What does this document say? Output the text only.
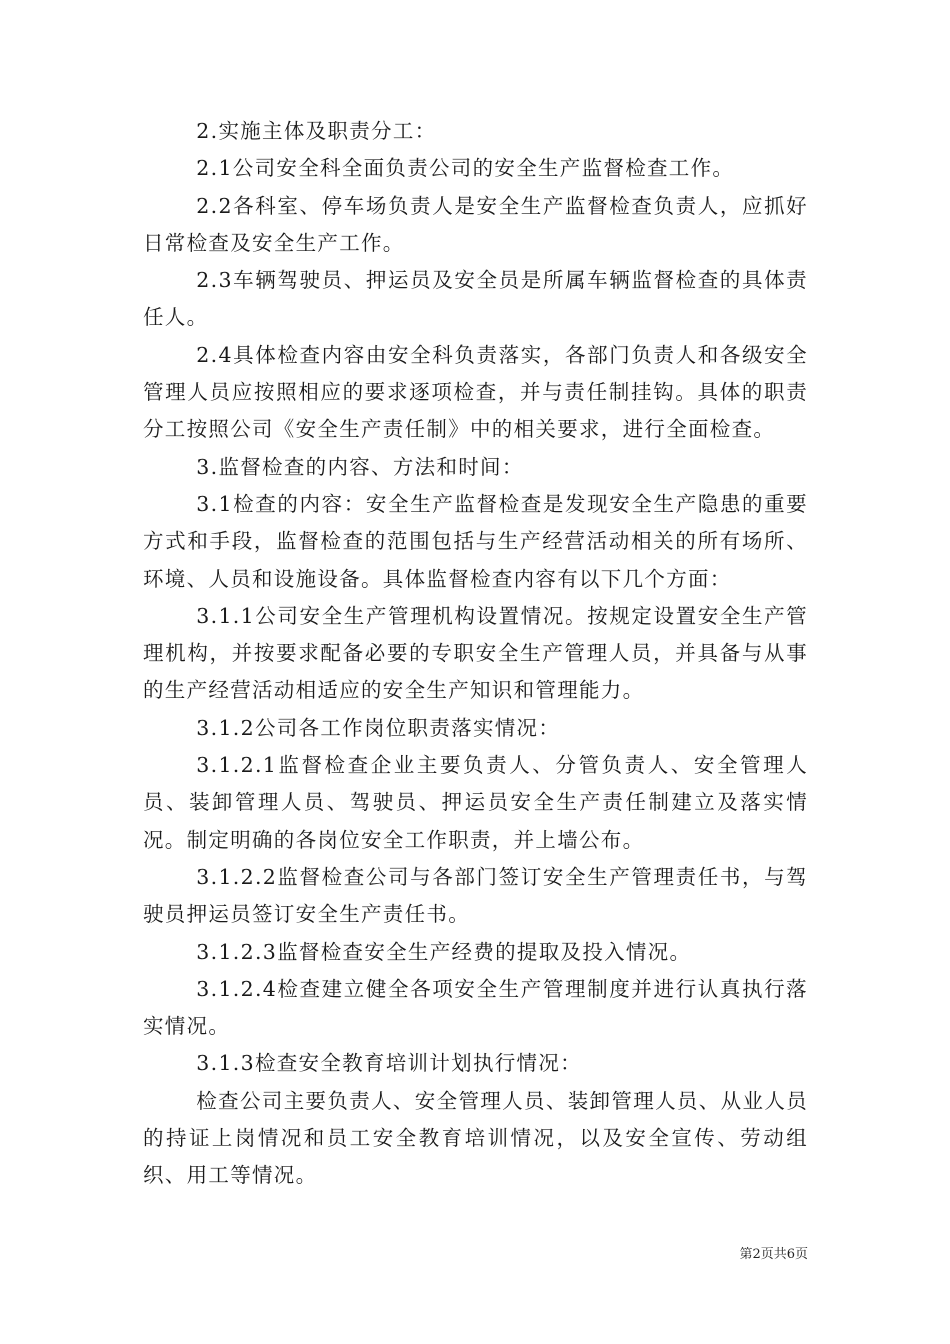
2.实施主体及职责分工：

2.1公司安全科全面负责公司的安全生产监督检查工作。

2.2各科室、停车场负责人是安全生产监督检查负责人，应抓好日常检查及安全生产工作。

2.3车辆驾驶员、押运员及安全员是所属车辆监督检查的具体责任人。

2.4具体检查内容由安全科负责落实，各部门负责人和各级安全管理人员应按照相应的要求逐项检查，并与责任制挂钩。具体的职责分工按照公司《安全生产责任制》中的相关要求，进行全面检查。

3.监督检查的内容、方法和时间：

3.1检查的内容：安全生产监督检查是发现安全生产隐患的重要方式和手段，监督检查的范围包括与生产经营活动相关的所有场所、环境、人员和设施设备。具体监督检查内容有以下几个方面：

3.1.1公司安全生产管理机构设置情况。按规定设置安全生产管理机构，并按要求配备必要的专职安全生产管理人员，并具备与从事的生产经营活动相适应的安全生产知识和管理能力。

3.1.2公司各工作岗位职责落实情况：

3.1.2.1监督检查企业主要负责人、分管负责人、安全管理人员、装卸管理人员、驾驶员、押运员安全生产责任制建立及落实情况。制定明确的各岗位安全工作职责，并上墙公布。

3.1.2.2监督检查公司与各部门签订安全生产管理责任书，与驾驶员押运员签订安全生产责任书。

3.1.2.3监督检查安全生产经费的提取及投入情况。

3.1.2.4检查建立健全各项安全生产管理制度并进行认真执行落实情况。

3.1.3检查安全教育培训计划执行情况：

检查公司主要负责人、安全管理人员、装卸管理人员、从业人员的持证上岗情况和员工安全教育培训情况，以及安全宣传、劳动组织、用工等情况。

第2页共6页
